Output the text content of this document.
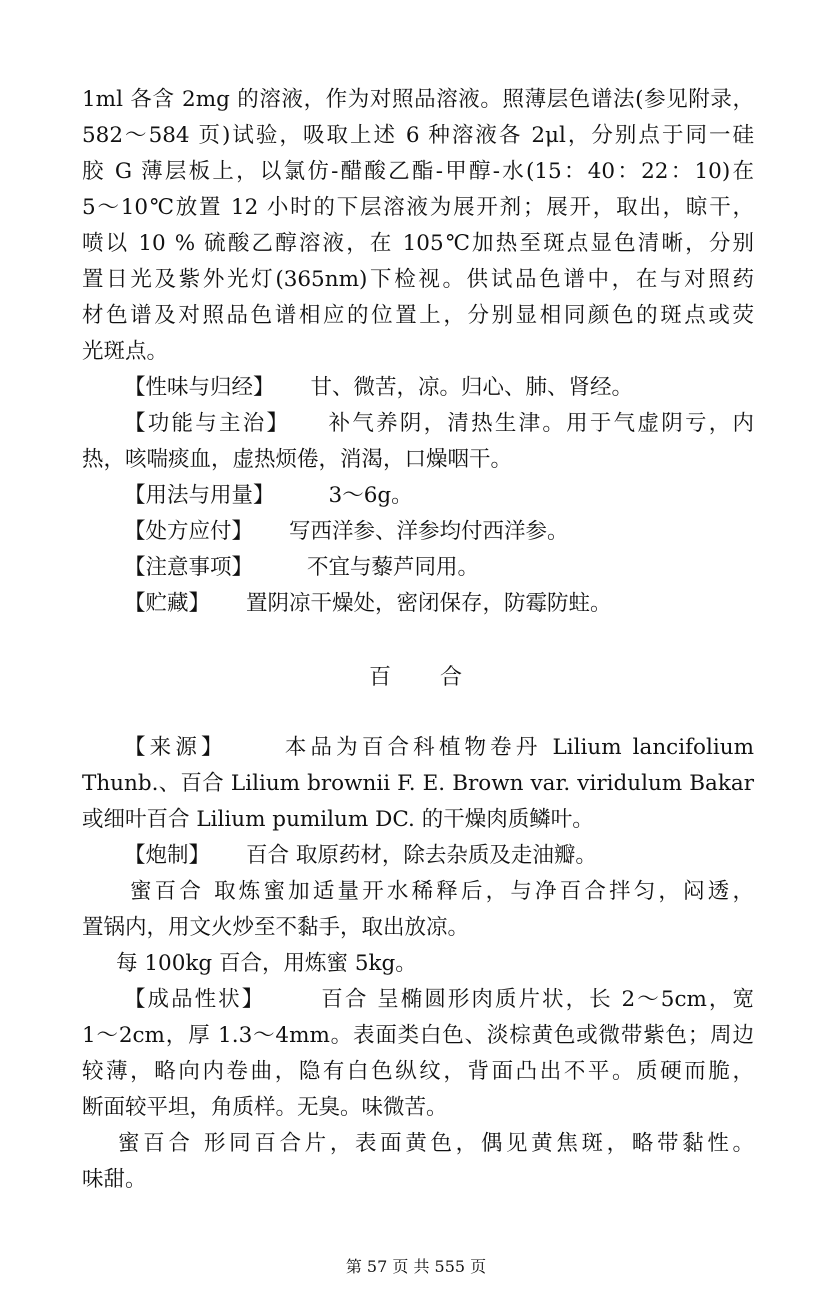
1ml 各含 2mg 的溶液，作为对照品溶液。照薄层色谱法(参见附录，
582～584 页)试验，吸取上述 6 种溶液各 2μl，分别点于同一硅
胶 G 薄层板上，以氯仿-醋酸乙酯-甲醇-水(15：40：22：10)在
5～10℃放置 12 小时的下层溶液为展开剂；展开，取出，晾干，
喷以 10 % 硫酸乙醇溶液，在 105℃加热至斑点显色清晰，分别
置日光及紫外光灯(365nm)下检视。供试品色谱中，在与对照药
材色谱及对照品色谱相应的位置上，分别显相同颜色的斑点或荧
光斑点。
【性味与归经】 甘、微苦，凉。归心、肺、肾经。
【功能与主治】 补气养阴，清热生津。用于气虚阴亏，内
热，咳喘痰血，虚热烦倦，消渴，口燥咽干。
【用法与用量】	3～6g。
【处方应付】 写西洋参、洋参均付西洋参。
【注意事项】	不宜与藜芦同用。
【贮藏】 置阴凉干燥处，密闭保存，防霉防蛀。
百 合
【来源】	本品为百合科植物卷丹 Lilium lancifolium
Thunb.、百合 Lilium brownii F. E. Brown var. viridulum Bakar
或细叶百合 Lilium pumilum DC. 的干燥肉质鳞叶。
【炮制】 百合 取原药材，除去杂质及走油瓣。
蜜百合 取炼蜜加适量开水稀释后，与净百合拌匀，闷透，
置锅内，用文火炒至不黏手，取出放凉。
每 100kg 百合，用炼蜜 5kg。
【成品性状】	百合 呈椭圆形肉质片状，长 2～5cm，宽
1～2cm，厚 1.3～4mm。表面类白色、淡棕黄色或微带紫色；周边
较薄，略向内卷曲，隐有白色纵纹，背面凸出不平。质硬而脆，
断面较平坦，角质样。无臭。味微苦。
蜜百合 形同百合片，表面黄色，偶见黄焦斑，略带黏性。
味甜。
第 57 页 共 555 页
